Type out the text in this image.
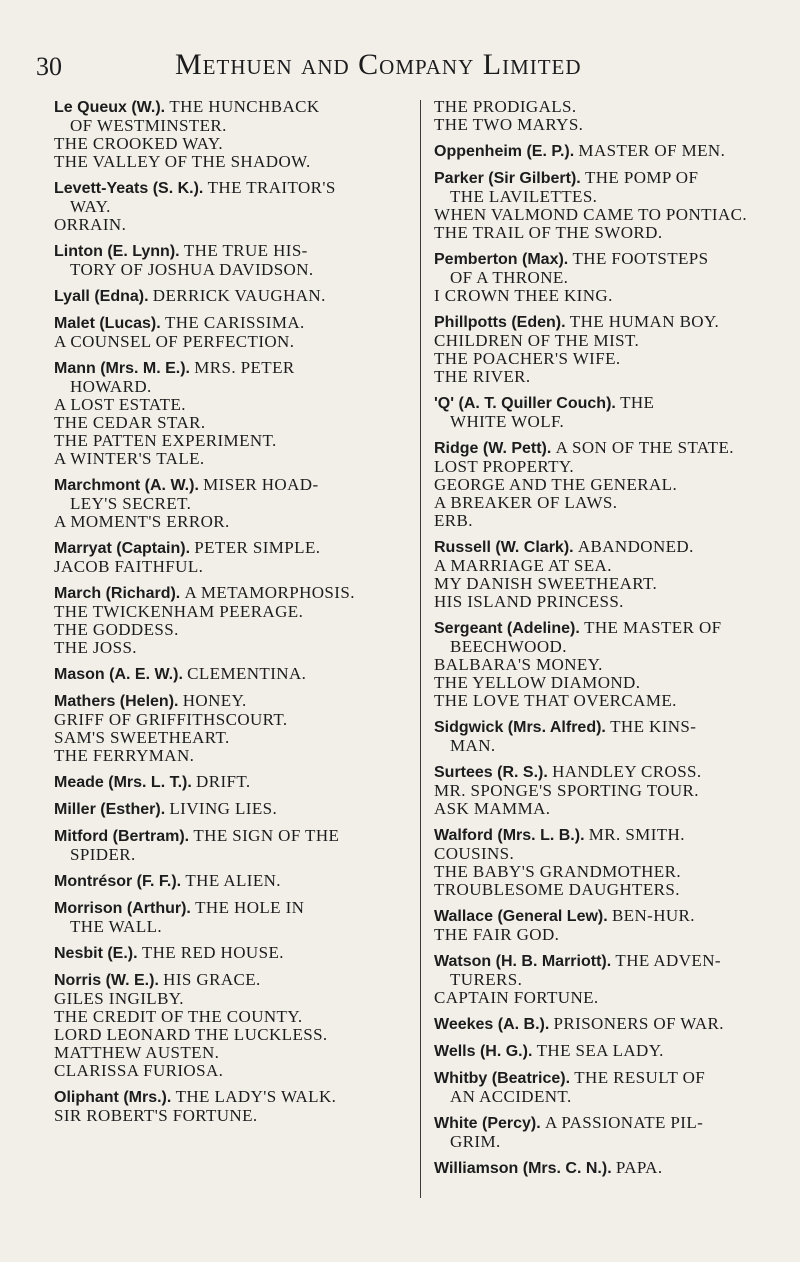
30	Methuen and Company Limited
Le Queux (W.). THE HUNCHBACK
OF WESTMINSTER.
THE CROOKED WAY.
THE VALLEY OF THE SHADOW.
Levett-Yeats (S. K.). THE TRAITOR'S
WAY.
ORRAIN.
Linton (E. Lynn). THE TRUE HIS-
TORY OF JOSHUA DAVIDSON.
Lyall (Edna). DERRICK VAUGHAN.
Malet (Lucas). THE CARISSIMA.
A COUNSEL OF PERFECTION.
Mann (Mrs. M. E.). MRS. PETER
HOWARD.
A LOST ESTATE.
THE CEDAR STAR.
THE PATTEN EXPERIMENT.
A WINTER'S TALE.
Marchmont (A. W.). MISER HOAD-
LEY'S SECRET.
A MOMENT'S ERROR.
Marryat (Captain). PETER SIMPLE.
JACOB FAITHFUL.
March (Richard). A METAMORPHOSIS.
THE TWICKENHAM PEERAGE.
THE GODDESS.
THE JOSS.
Mason (A. E. W.). CLEMENTINA.
Mathers (Helen). HONEY.
GRIFF OF GRIFFITHSCOURT.
SAM'S SWEETHEART.
THE FERRYMAN.
Meade (Mrs. L. T.). DRIFT.
Miller (Esther). LIVING LIES.
Mitford (Bertram). THE SIGN OF THE
SPIDER.
Montrésor (F. F.). THE ALIEN.
Morrison (Arthur). THE HOLE IN
THE WALL.
Nesbit (E.). THE RED HOUSE.
Norris (W. E.). HIS GRACE.
GILES INGILBY.
THE CREDIT OF THE COUNTY.
LORD LEONARD THE LUCKLESS.
MATTHEW AUSTEN.
CLARISSA FURIOSA.
Oliphant (Mrs.). THE LADY'S WALK.
SIR ROBERT'S FORTUNE.
THE PRODIGALS.
THE TWO MARYS.
Oppenheim (E. P.). MASTER OF MEN.
Parker (Sir Gilbert). THE POMP OF
THE LAVILETTES.
WHEN VALMOND CAME TO PONTIAC.
THE TRAIL OF THE SWORD.
Pemberton (Max). THE FOOTSTEPS
OF A THRONE.
I CROWN THEE KING.
Phillpotts (Eden). THE HUMAN BOY.
CHILDREN OF THE MIST.
THE POACHER'S WIFE.
THE RIVER.
'Q' (A. T. Quiller Couch). THE
WHITE WOLF.
Ridge (W. Pett). A SON OF THE STATE.
LOST PROPERTY.
GEORGE AND THE GENERAL.
A BREAKER OF LAWS.
ERB.
Russell (W. Clark). ABANDONED.
A MARRIAGE AT SEA.
MY DANISH SWEETHEART.
HIS ISLAND PRINCESS.
Sergeant (Adeline). THE MASTER OF
BEECHWOOD.
BALBARA'S MONEY.
THE YELLOW DIAMOND.
THE LOVE THAT OVERCAME.
Sidgwick (Mrs. Alfred). THE KINS-
MAN.
Surtees (R. S.). HANDLEY CROSS.
MR. SPONGE'S SPORTING TOUR.
ASK MAMMA.
Walford (Mrs. L. B.). MR. SMITH.
COUSINS.
THE BABY'S GRANDMOTHER.
TROUBLESOME DAUGHTERS.
Wallace (General Lew). BEN-HUR.
THE FAIR GOD.
Watson (H. B. Marriott). THE ADVEN-
TURERS.
CAPTAIN FORTUNE.
Weekes (A. B.). PRISONERS OF WAR.
Wells (H. G.). THE SEA LADY.
Whitby (Beatrice). THE RESULT OF
AN ACCIDENT.
White (Percy). A PASSIONATE PIL-
GRIM.
Williamson (Mrs. C. N.). PAPA.
